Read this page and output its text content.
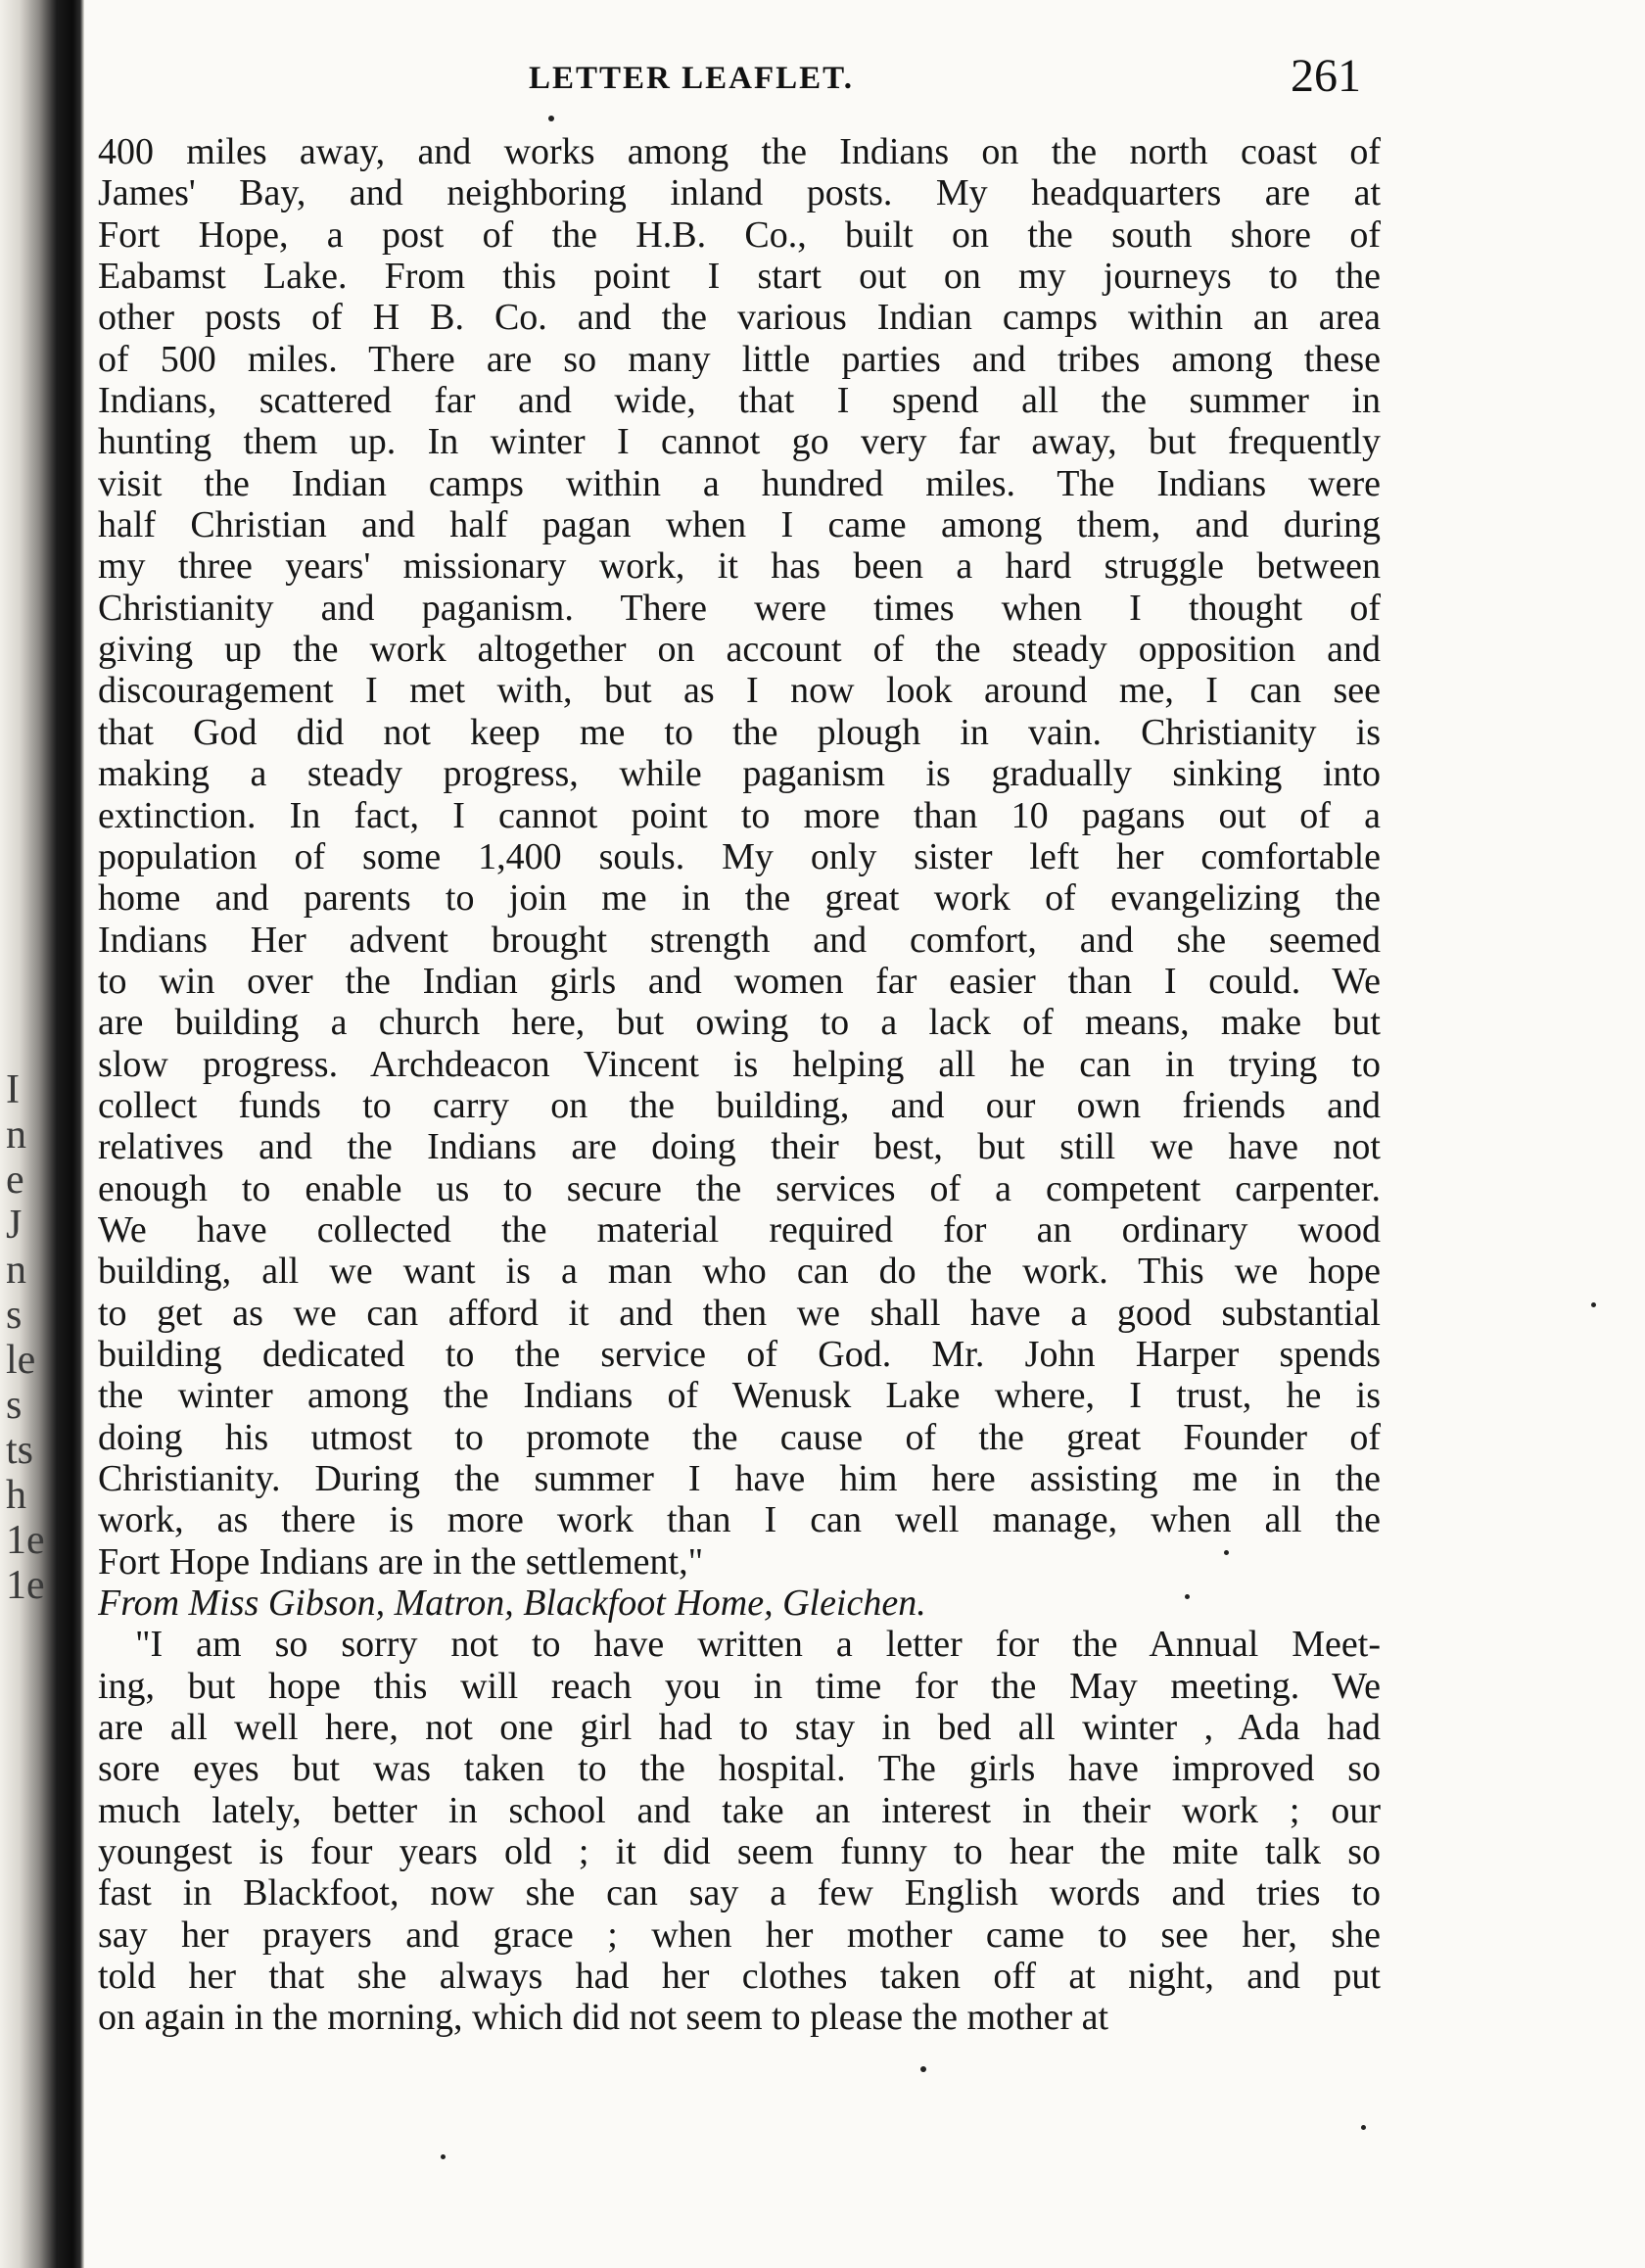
I
n
e
J
n
s
le
s
ts
h
1e
1e
LETTER LEAFLET.	261
400 miles away, and works among the Indians on the north coast of
James' Bay, and neighboring inland posts. My headquarters are at
Fort Hope, a post of the H.B. Co., built on the south shore of
Eabamst Lake. From this point I start out on my journeys to the
other posts of H B. Co. and the various Indian camps within an area
of 500 miles. There are so many little parties and tribes among these
Indians, scattered far and wide, that I spend all the summer in
hunting them up. In winter I cannot go very far away, but frequently
visit the Indian camps within a hundred miles. The Indians were
half Christian and half pagan when I came among them, and during
my three years' missionary work, it has been a hard struggle between
Christianity and paganism. There were times when I thought of
giving up the work altogether on account of the steady opposition and
discouragement I met with, but as I now look around me, I can see
that God did not keep me to the plough in vain. Christianity is
making a steady progress, while paganism is gradually sinking into
extinction. In fact, I cannot point to more than 10 pagans out of a
population of some 1,400 souls. My only sister left her comfortable
home and parents to join me in the great work of evangelizing the
Indians Her advent brought strength and comfort, and she seemed
to win over the Indian girls and women far easier than I could. We
are building a church here, but owing to a lack of means, make but
slow progress. Archdeacon Vincent is helping all he can in trying to
collect funds to carry on the building, and our own friends and
relatives and the Indians are doing their best, but still we have not
enough to enable us to secure the services of a competent carpenter.
We have collected the material required for an ordinary wood
building, all we want is a man who can do the work. This we hope
to get as we can afford it and then we shall have a good substantial
building dedicated to the service of God. Mr. John Harper spends
the winter among the Indians of Wenusk Lake where, I trust, he is
doing his utmost to promote the cause of the great Founder of
Christianity. During the summer I have him here assisting me in the
work, as there is more work than I can well manage, when all the
Fort Hope Indians are in the settlement,"
From Miss Gibson, Matron, Blackfoot Home, Gleichen.
"I am so sorry not to have written a letter for the Annual Meet-
ing, but hope this will reach you in time for the May meeting. We
are all well here, not one girl had to stay in bed all winter , Ada had
sore eyes but was taken to the hospital. The girls have improved so
much lately, better in school and take an interest in their work ; our
youngest is four years old ; it did seem funny to hear the mite talk so
fast in Blackfoot, now she can say a few English words and tries to
say her prayers and grace ; when her mother came to see her, she
told her that she always had her clothes taken off at night, and put
on again in the morning, which did not seem to please the mother at
